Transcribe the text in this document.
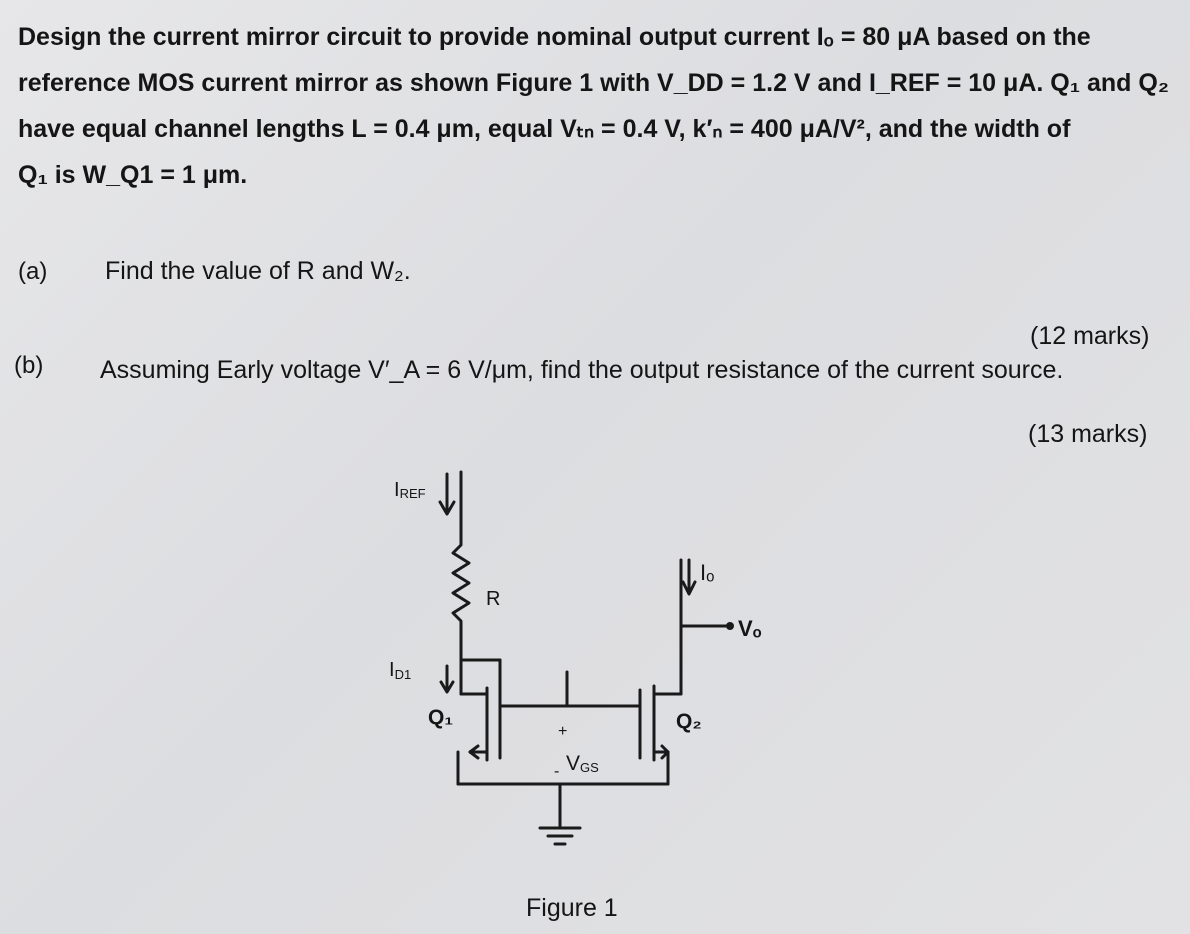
Design the current mirror circuit to provide nominal output current Iₒ = 80 μA based on the
reference MOS current mirror as shown Figure 1 with V_DD = 1.2 V and I_REF = 10 μA. Q₁ and Q₂
have equal channel lengths L = 0.4 μm, equal Vₜₙ = 0.4 V, k′ₙ = 400 μA/V², and the width of
Q₁ is W_Q1 = 1 μm.
(a) Find the value of R and W₂.
(12 marks)
(b) Assuming Early voltage V′_A = 6 V/μm, find the output resistance of the current source.
(13 marks)
IREF
R
ID1
Q₁	Q₂
+
- VGS
Iₒ
Vₒ
Figure 1
